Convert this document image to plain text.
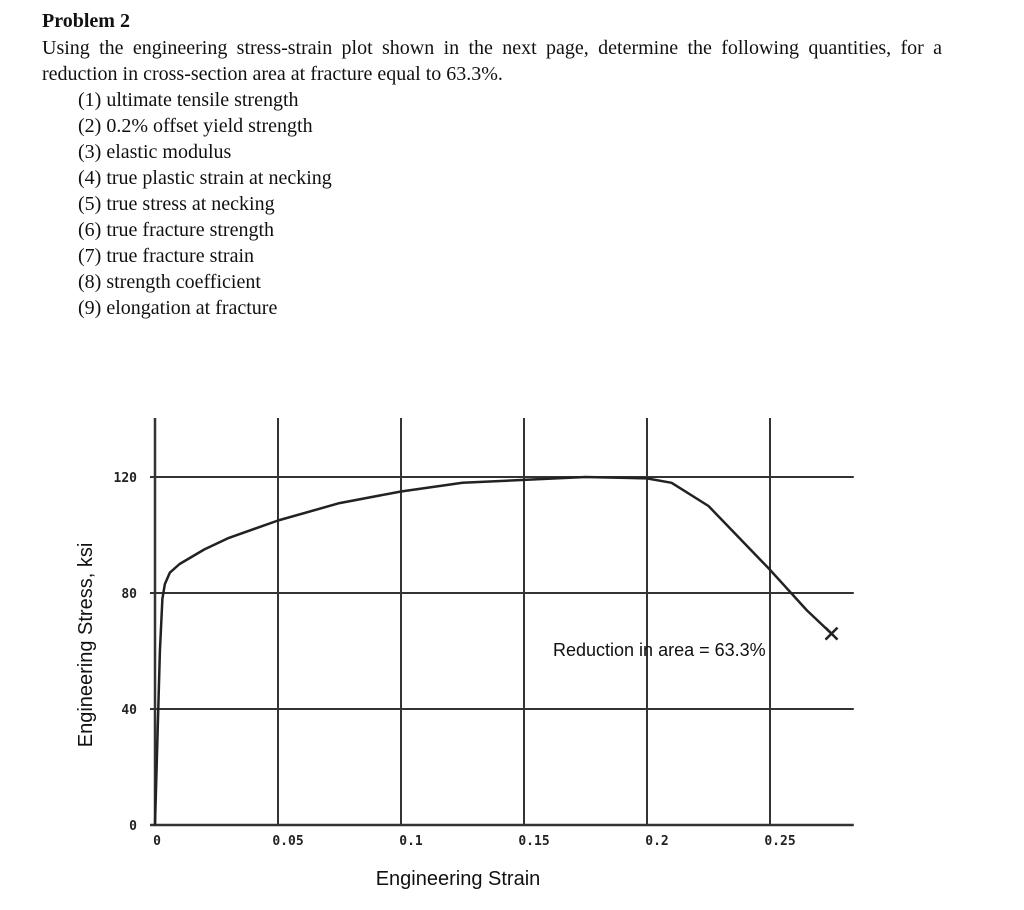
Problem 2

Using the engineering stress-strain plot shown in the next page, determine the following quantities, for a reduction in cross-section area at fracture equal to 63.3%.

(1) ultimate tensile strength
(2) 0.2% offset yield strength
(3) elastic modulus
(4) true plastic strain at necking
(5) true stress at necking
(6) true fracture strength
(7) true fracture strain
(8) strength coefficient
(9) elongation at fracture
0	0.05	0.1	0.15	0.2	0.25
0
40
80
120
Engineering Strain
Engineering Stress, ksi	Reduction in area = 63.3%
